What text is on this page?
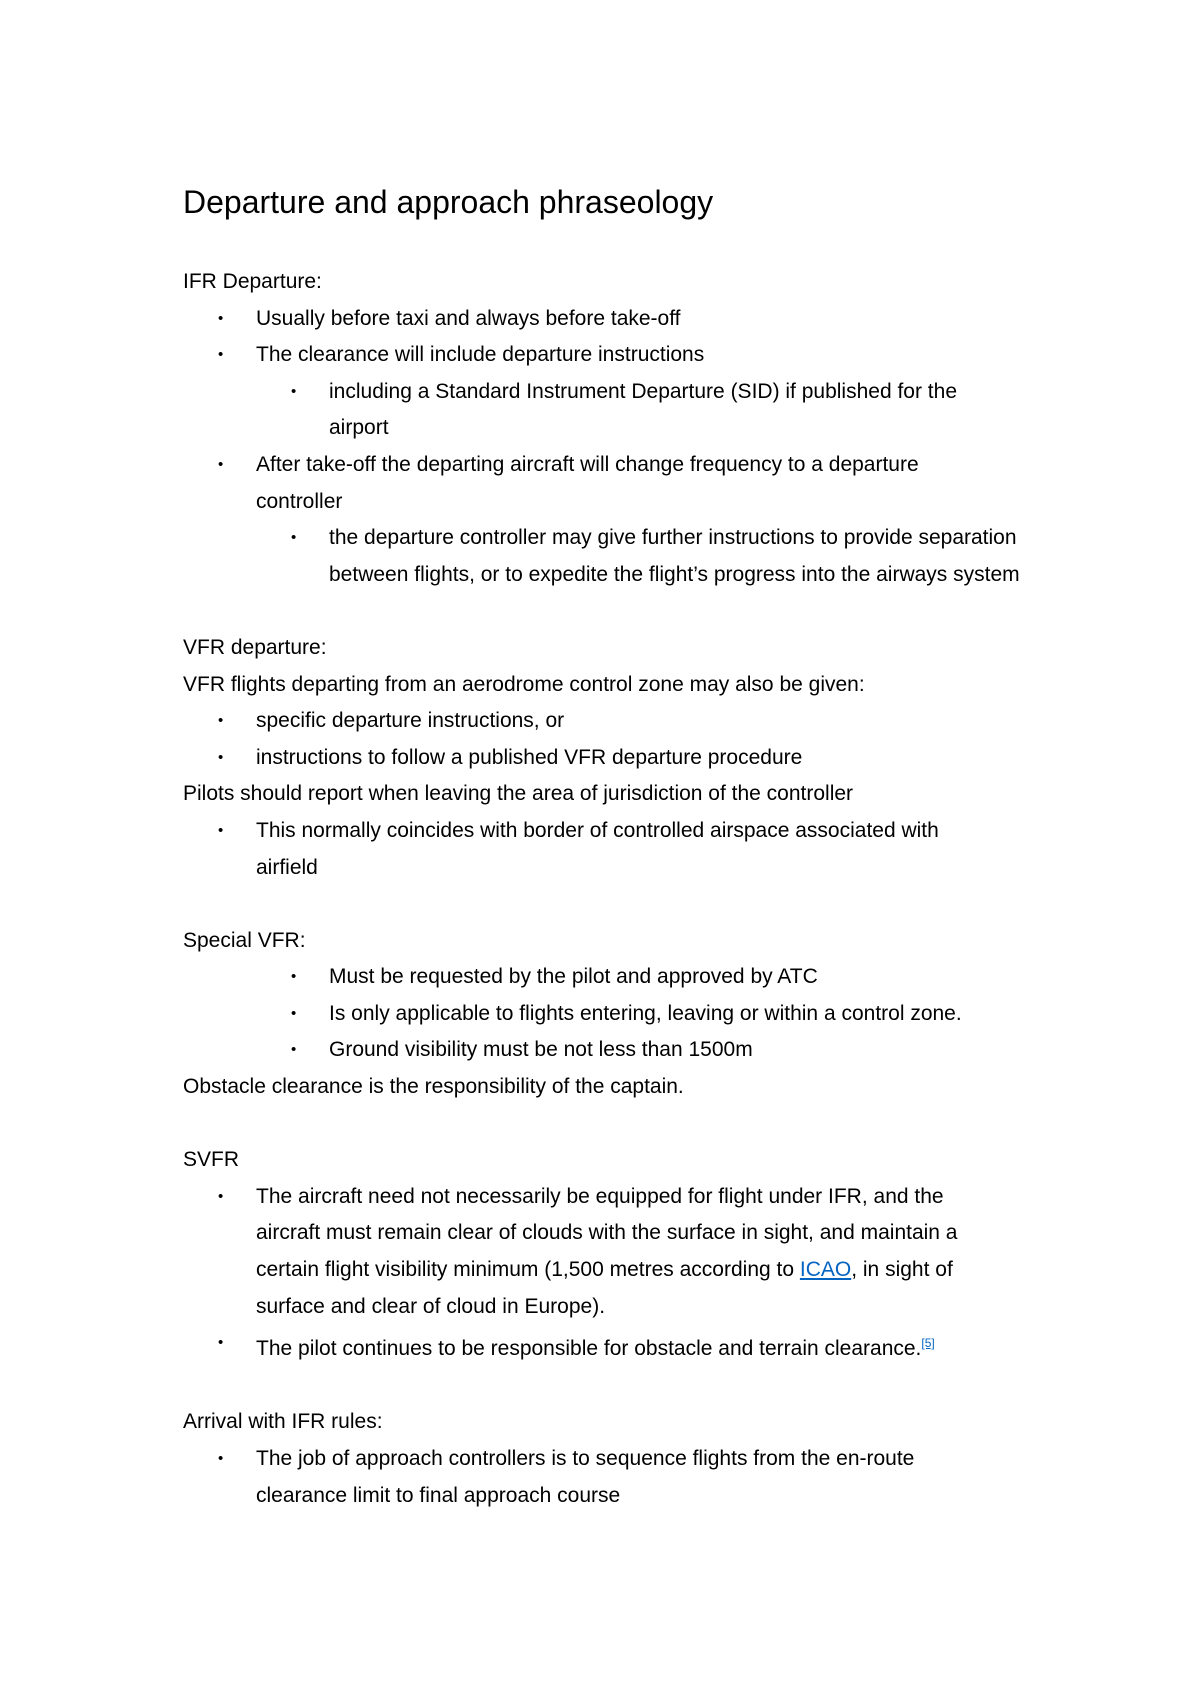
Departure and approach phraseology
IFR Departure:
• Usually before taxi and always before take-off
• The clearance will include departure instructions
• including a Standard Instrument Departure (SID) if published for the airport
• After take-off the departing aircraft will change frequency to a departure controller
• the departure controller may give further instructions to provide separation between flights, or to expedite the flight’s progress into the airways system
VFR departure:
VFR flights departing from an aerodrome control zone may also be given:
• specific departure instructions, or
• instructions to follow a published VFR departure procedure
Pilots should report when leaving the area of jurisdiction of the controller
• This normally coincides with border of controlled airspace associated with airfield
Special VFR:
• Must be requested by the pilot and approved by ATC
• Is only applicable to flights entering, leaving or within a control zone.
• Ground visibility must be not less than 1500m
Obstacle clearance is the responsibility of the captain.
SVFR
• The aircraft need not necessarily be equipped for flight under IFR, and the aircraft must remain clear of clouds with the surface in sight, and maintain a certain flight visibility minimum (1,500 metres according to ICAO, in sight of surface and clear of cloud in Europe).
• The pilot continues to be responsible for obstacle and terrain clearance.[5]
Arrival with IFR rules:
• The job of approach controllers is to sequence flights from the en-route clearance limit to final approach course
